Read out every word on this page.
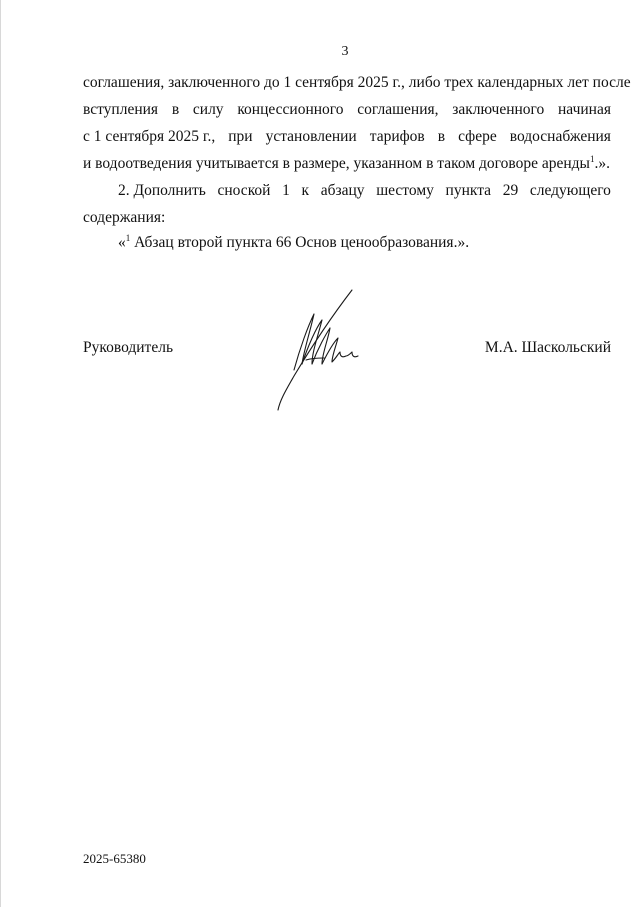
3
соглашения, заключенного до 1 сентября 2025 г., либо трех календарных лет после
вступления в силу концессионного соглашения, заключенного начиная
с 1 сентября 2025 г., при установлении тарифов в сфере водоснабжения
и водоотведения учитывается в размере, указанном в таком договоре аренды$^1$.».
2. Дополнить сноской 1 к абзацу шестому пункта 29 следующего
содержания:
«$^1$ Абзац второй пункта 66 Основ ценообразования.».
Руководитель	М.А. Шаскольский
2025-65380
